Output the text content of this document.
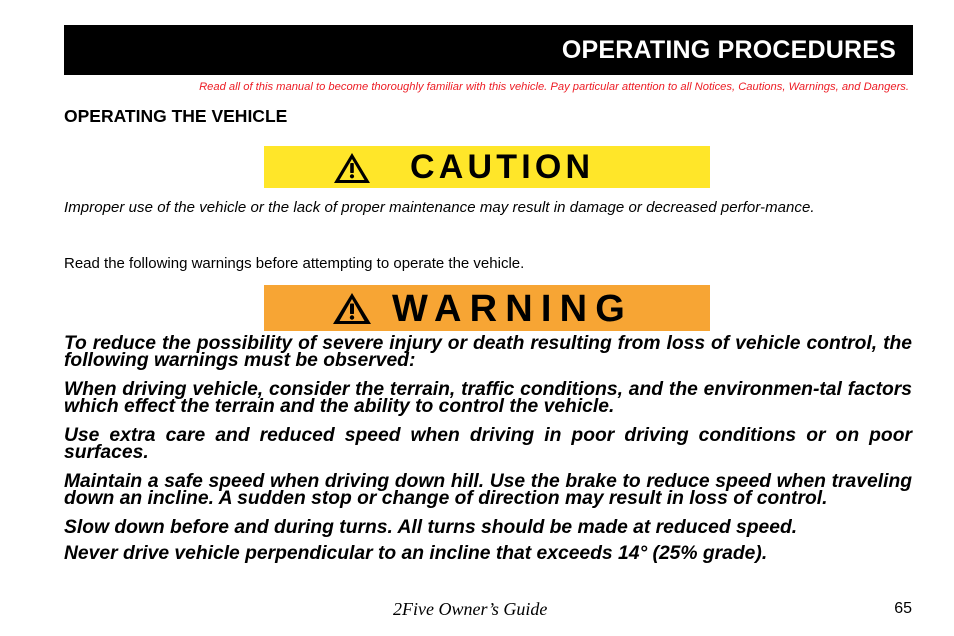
OPERATING PROCEDURES
Read all of this manual to become thoroughly familiar with this vehicle. Pay particular attention to all Notices, Cautions, Warnings, and Dangers.
OPERATING THE VEHICLE
CAUTION
Improper use of the vehicle or the lack of proper maintenance may result in damage or decreased perfor-mance.
Read the following warnings before attempting to operate the vehicle.
WARNING

To reduce the possibility of severe injury or death resulting from loss of vehicle control, the following warnings must be observed:

When driving vehicle, consider the terrain, traffic conditions, and the environmen-tal factors which effect the terrain and the ability to control the vehicle.

Use extra care and reduced speed when driving in poor driving conditions or on poor surfaces.

Maintain a safe speed when driving down hill. Use the brake to reduce speed when traveling down an incline. A sudden stop or change of direction may result in loss of control.

Slow down before and during turns. All turns should be made at reduced speed.

Never drive vehicle perpendicular to an incline that exceeds 14° (25% grade).

2Five Owner’s Guide	65
